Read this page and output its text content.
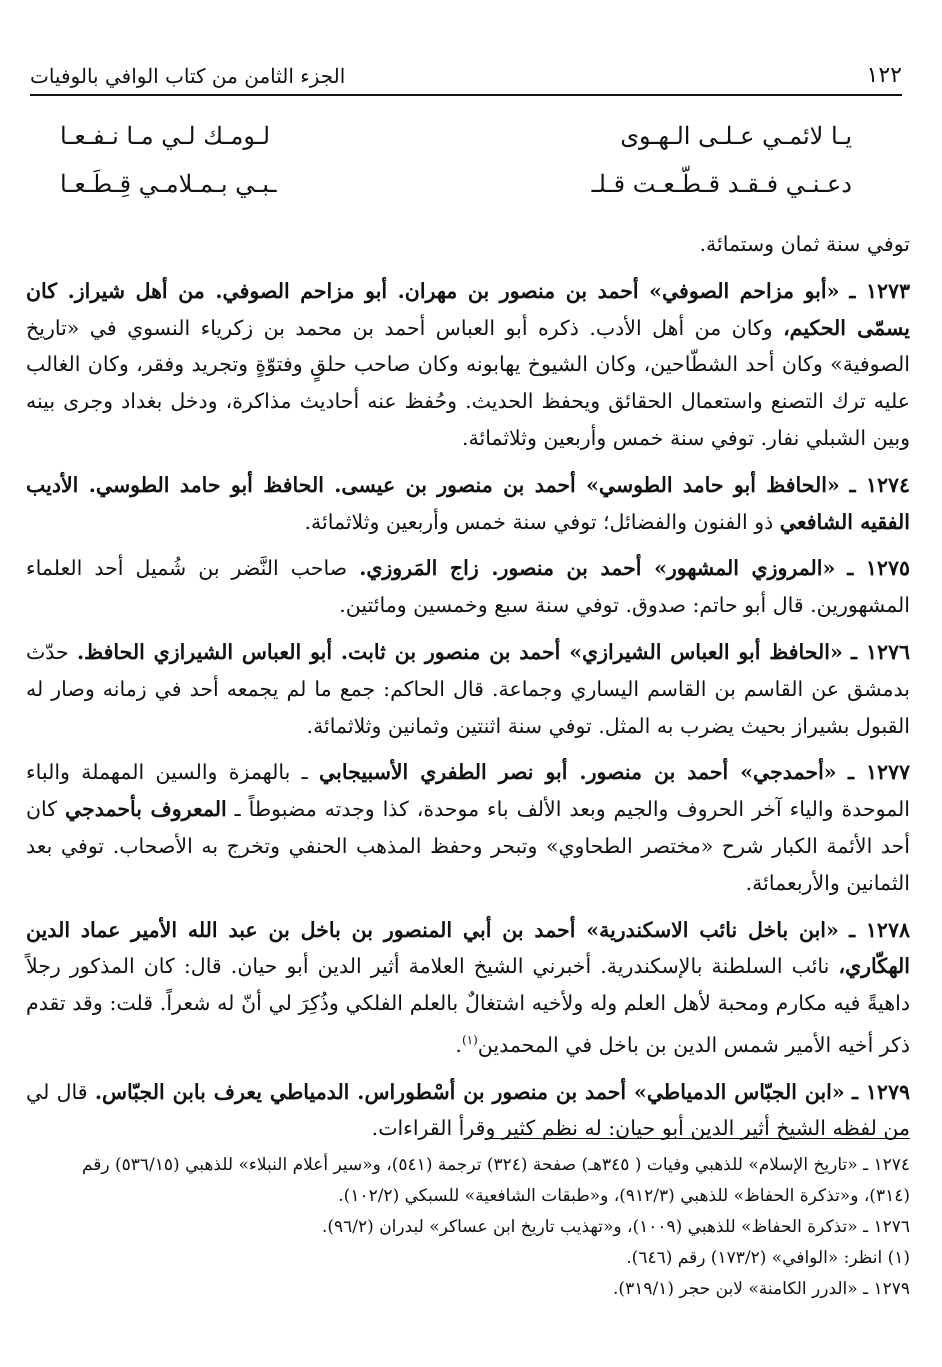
١٢٢
الجزء الثامن من كتاب الوافي بالوفيات
يـا لائمـي عـلـى الـهـوى
لـومـك لـي مـا نـفـعـا
دعـنـي فـقـد قـطّـعـت قـلـ
ـبـي بـمـلامـي قِـطَـعـا

توفي سنة ثمان وستمائة.

١٢٧٣ ـ «أبو مزاحم الصوفي» أحمد بن منصور بن مهران. أبو مزاحم الصوفي. من أهل شيراز. كان يسمّى الحكيم، وكان من أهل الأدب. ذكره أبو العباس أحمد بن محمد بن زكرياء النسوي في «تاريخ الصوفية» وكان أحد الشطّاحين، وكان الشيوخ يهابونه وكان صاحب حلقٍ وفتوّةٍ وتجريد وفقر، وكان الغالب عليه ترك التصنع واستعمال الحقائق ويحفظ الحديث. وحُفظ عنه أحاديث مذاكرة، ودخل بغداد وجرى بينه وبين الشبلي نفار. توفي سنة خمس وأربعين وثلاثمائة.

١٢٧٤ ـ «الحافظ أبو حامد الطوسي» أحمد بن منصور بن عيسى. الحافظ أبو حامد الطوسي. الأديب الفقيه الشافعي ذو الفنون والفضائل؛ توفي سنة خمس وأربعين وثلاثمائة.

١٢٧٥ ـ «المروزي المشهور» أحمد بن منصور. زاج المَروزي. صاحب النَّضر بن شُميل أحد العلماء المشهورين. قال أبو حاتم: صدوق. توفي سنة سبع وخمسين ومائتين.

١٢٧٦ ـ «الحافظ أبو العباس الشيرازي» أحمد بن منصور بن ثابت. أبو العباس الشيرازي الحافظ. حدّث بدمشق عن القاسم بن القاسم اليساري وجماعة. قال الحاكم: جمع ما لم يجمعه أحد في زمانه وصار له القبول بشيراز بحيث يضرب به المثل. توفي سنة اثنتين وثمانين وثلاثمائة.

١٢٧٧ ـ «أحمدجي» أحمد بن منصور. أبو نصر الطفري الأسبيجابي ـ بالهمزة والسين المهملة والباء الموحدة والياء آخر الحروف والجيم وبعد الألف باء موحدة، كذا وجدته مضبوطاً ـ المعروف بأحمدجي كان أحد الأئمة الكبار شرح «مختصر الطحاوي» وتبحر وحفظ المذهب الحنفي وتخرج به الأصحاب. توفي بعد الثمانين والأربعمائة.

١٢٧٨ ـ «ابن باخل نائب الاسكندرية» أحمد بن أبي المنصور بن باخل بن عبد الله الأمير عماد الدين الهكّاري، نائب السلطنة بالإسكندرية. أخبرني الشيخ العلامة أثير الدين أبو حيان. قال: كان المذكور رجلاً داهيةً فيه مكارم ومحبة لأهل العلم وله ولأخيه اشتغالٌ بالعلم الفلكي وذُكِرَ لي أنّ له شعراً. قلت: وقد تقدم ذكر أخيه الأمير شمس الدين بن باخل في المحمدين$^{(١)}$.

١٢٧٩ ـ «ابن الجبّاس الدمياطي» أحمد بن منصور بن أسْطوراس. الدمياطي يعرف بابن الجبّاس. قال لي من لفظه الشيخ أثير الدين أبو حيان: له نظم كثير وقرأ القراءات.

١٢٧٤ ـ «تاريخ الإسلام» للذهبي وفيات ( ٣٤٥هـ) صفحة (٣٢٤) ترجمة (٥٤١)، و«سير أعلام النبلاء» للذهبي (٥٣٦/١٥) رقم (٣١٤)، و«تذكرة الحفاظ» للذهبي (٩١٢/٣)، و«طبقات الشافعية» للسبكي (١٠٢/٢).

١٢٧٦ ـ «تذكرة الحفاظ» للذهبي (١٠٠٩)، و«تهذيب تاريخ ابن عساكر» لبدران (٩٦/٢).

(١) انظر: «الوافي» (١٧٣/٢) رقم (٦٤٦).

١٢٧٩ ـ «الدرر الكامنة» لابن حجر (٣١٩/١).
